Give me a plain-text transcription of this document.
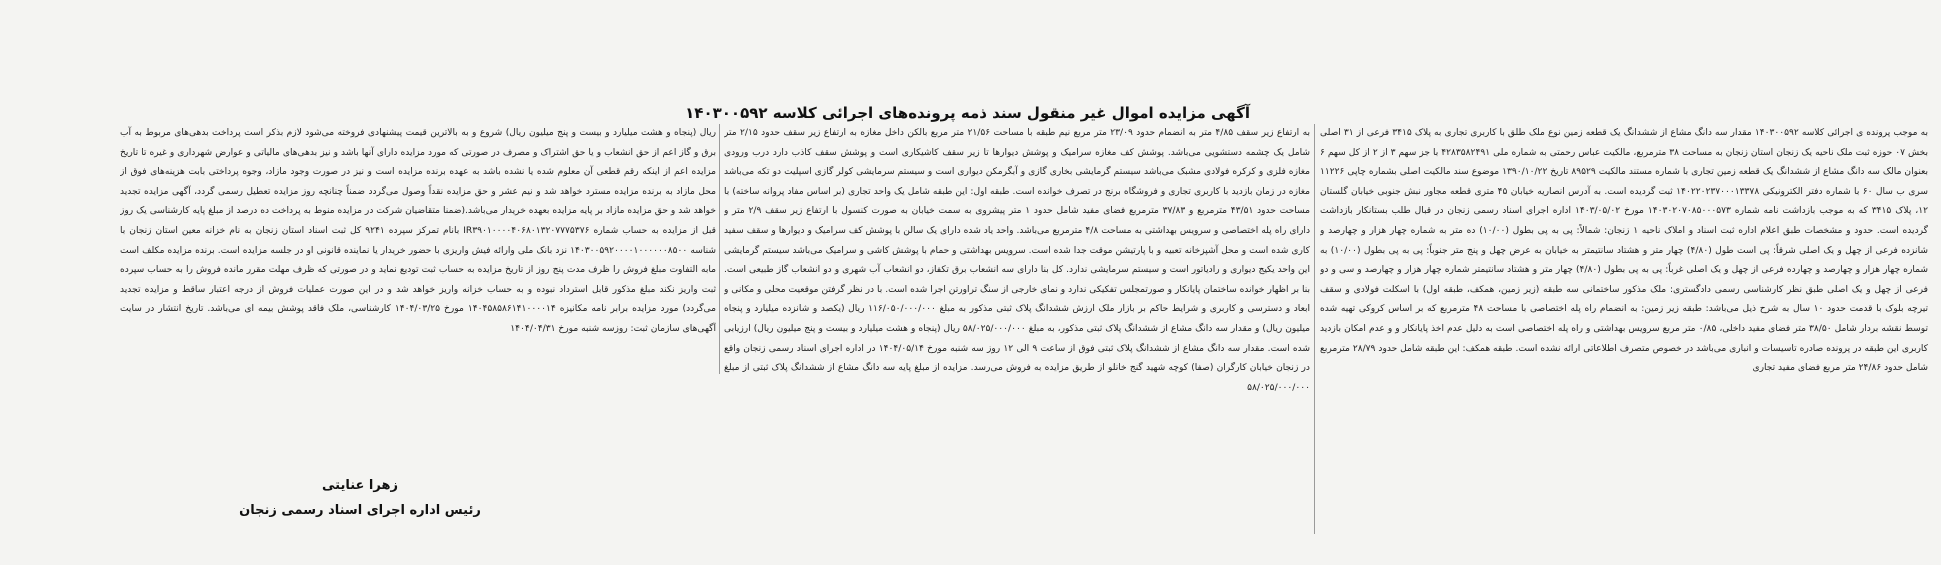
آگهی مزایده اموال غیر منقول سند ذمه پرونده‌های اجرائی کلاسه ۱۴۰۳۰۰۵۹۲
به موجب پرونده ی اجرائی کلاسه ۱۴۰۳۰۰۵۹۲ مقدار سه دانگ مشاع از ششدانگ یک قطعه زمین نوع ملک طلق با کاربری تجاری به پلاک ۳۴۱۵ فرعی از ۳۱ اصلی بخش ۰۷ حوزه ثبت ملک ناحیه یک زنجان استان زنجان به مساحت ۳۸ مترمربع، مالکیت عباس رحمتی به شماره ملی ۴۲۸۳۵۸۲۴۹۱ با جز سهم ۳ از ۲ از کل سهم ۶ بعنوان مالک سه دانگ مشاع از ششدانگ یک قطعه زمین تجاری با شماره مستند مالکیت ۸۹۵۲۹ تاریخ ۱۳۹۰/۱۰/۲۲ موضوع سند مالکیت اصلی بشماره چاپی ۱۱۲۲۶ سری ب سال ۶۰ با شماره دفتر الکترونیکی ۱۴۰۲۲۰۲۳۷۰۰۰۱۳۳۷۸ ثبت گردیده است. به آدرس انصاریه خیابان ۴۵ متری قطعه مجاور نبش جنوبی خیابان گلستان ۱۲، پلاک ۳۴۱۵ که به موجب بازداشت نامه شماره ۱۴۰۳۰۲۰۷۰۸۵۰۰۰۵۷۳ مورخ ۱۴۰۳/۰۵/۰۲ اداره اجرای اسناد رسمی زنجان در قبال طلب بستانکار بازداشت گردیده است. حدود و مشخصات طبق اعلام اداره ثبت اسناد و املاک ناحیه ۱ زنجان: شمالاً: پی به پی بطول (۱۰/۰۰) ده متر به شماره چهار هزار و چهارصد و شانزده فرعی از چهل و یک اصلی شرقاً: پی است طول (۴/۸۰) چهار متر و هشتاد سانتیمتر به خیابان به عرض چهل و پنج متر جنوباً: پی به پی بطول (۱۰/۰۰) به شماره چهار هزار و چهارصد و چهارده فرعی از چهل و یک اصلی غرباً: پی به پی بطول (۴/۸۰) چهار متر و هشتاد سانتیمتر شماره چهار هزار و چهارصد و سی و دو فرعی از چهل و یک اصلی طبق نظر کارشناسی رسمی دادگستری: ملک مذکور ساختمانی سه طبقه (زیر زمین، همکف، طبقه اول) با اسکلت فولادی و سقف تیرچه بلوک با قدمت حدود ۱۰ سال به شرح ذیل می‌باشد: طبقه زیر زمین: به انضمام راه پله اختصاصی با مساحت ۴۸ مترمربع که بر اساس کروکی تهیه شده توسط نقشه بردار شامل ۳۸/۵۰ متر فضای مفید داخلی، ۰/۸۵ متر مربع سرویس بهداشتی و راه پله اختصاصی است به دلیل عدم اخذ پایانکار و و عدم امکان بازدید کاربری این طبقه در پرونده صادره تاسیسات و انباری می‌باشد در خصوص متصرف اطلاعاتی ارائه نشده است. طبقه همکف: این طبقه شامل حدود ۲۸/۷۹ مترمربع شامل حدود ۲۴/۸۶ متر مربع فضای مفید تجاری
به ارتفاع زیر سقف ۴/۸۵ متر به انضمام حدود ۲۳/۰۹ متر مربع نیم طبقه با مساحت ۲۱/۵۶ متر مربع بالکن داخل مغازه به ارتفاع زیر سقف حدود ۲/۱۵ متر شامل یک چشمه دستشویی می‌باشد. پوشش کف مغازه سرامیک و پوشش دیوارها تا زیر سقف کاشیکاری است و پوشش سقف کاذب دارد درب ورودی مغازه فلزی و کرکره فولادی مشبک می‌باشد سیستم گرمایشی بخاری گازی و آبگرمکن دیواری است و سیستم سرمایشی کولر گازی اسپلیت دو تکه می‌باشد مغازه در زمان بازدید با کاربری تجاری و فروشگاه برنج در تصرف خوانده است. طبقه اول: این طبقه شامل یک واحد تجاری (بر اساس مفاد پروانه ساخته) با مساحت حدود ۴۳/۵۱ مترمربع و ۳۷/۸۳ مترمربع فضای مفید شامل حدود ۱ متر پیشروی به سمت خیابان به صورت کنسول با ارتفاع زیر سقف ۲/۹ متر و دارای راه پله اختصاصی و سرویس بهداشتی به مساحت ۴/۸ مترمربع می‌باشد. واحد یاد شده دارای یک سالن با پوشش کف سرامیک و دیوارها و سقف سفید کاری شده است و محل آشپزخانه تعبیه و با پارتیشن موقت جدا شده است. سرویس بهداشتی و حمام با پوشش کاشی و سرامیک می‌باشد سیستم گرمایشی این واحد یکیج دیواری و رادیاتور است و سیستم سرمایشی ندارد. کل بنا دارای سه انشعاب برق تکفاز، دو انشعاب آب شهری و دو انشعاب گاز طبیعی است. بنا بر اظهار خوانده ساختمان پایانکار و صورتمجلس تفکیکی ندارد و نمای خارجی از سنگ تراورتن اجرا شده است. با در نظر گرفتن موقعیت محلی و مکانی و ابعاد و دسترسی و کاربری و شرایط حاکم بر بازار ملک ارزش ششدانگ پلاک ثبتی مذکور به مبلغ ۱۱۶/۰۵۰/۰۰۰/۰۰۰ ریال (یکصد و شانزده میلیارد و پنجاه میلیون ریال) و مقدار سه دانگ مشاع از ششدانگ پلاک ثبتی مذکور، به مبلغ ۵۸/۰۲۵/۰۰۰/۰۰۰ ریال (پنجاه و هشت میلیارد و بیست و پنج میلیون ریال) ارزیابی شده است. مقدار سه دانگ مشاع از ششدانگ پلاک ثبتی فوق از ساعت ۹ الی ۱۲ روز سه شنبه مورخ ۱۴۰۴/۰۵/۱۴ در اداره اجرای اسناد رسمی زنجان واقع در زنجان خیابان کارگران (صفا) کوچه شهید گنج خانلو از طریق مزایده به فروش می‌رسد. مزایده از مبلغ پایه سه دانگ مشاع از ششدانگ پلاک ثبتی از مبلغ ۵۸/۰۲۵/۰۰۰/۰۰۰
ریال (پنجاه و هشت میلیارد و بیست و پنج میلیون ریال) شروع و به بالاترین قیمت پیشنهادی فروخته می‌شود لازم بذکر است پرداخت بدهی‌های مربوط به آب برق و گاز اعم از حق انشعاب و یا حق اشتراک و مصرف در صورتی که مورد مزایده دارای آنها باشد و نیز بدهی‌های مالیاتی و عوارض شهرداری و غیره تا تاریخ مزایده اعم از اینکه رقم قطعی آن معلوم شده یا نشده باشد به عهده برنده مزایده است و نیز در صورت وجود مازاد، وجوه پرداختی بابت هزینه‌های فوق از محل مازاد به برنده مزایده مسترد خواهد شد و نیم عشر و حق مزایده نقداً وصول می‌گردد ضمناً چنانچه روز مزایده تعطیل رسمی گردد، آگهی مزایده تجدید خواهد شد و حق مزایده مازاد بر پایه مزایده بعهده خریدار می‌باشد.(ضمنا متقاضیان شرکت در مزایده منوط به پرداخت ده درصد از مبلغ پایه کارشناسی یک روز قبل از مزایده به حساب شماره IR۳۹۰۱۰۰۰۰۴۰۶۸۰۱۳۲۰۷۷۷۵۳۷۶ بانام تمرکز سپرده ۹۲۴۱ کل ثبت اسناد استان زنجان به نام خزانه معین استان زنجان با شناسه ۱۴۰۳۰۰۵۹۲۰۰۰۰۱۰۰۰۰۰۰۸۵۰۰ نزد بانک ملی وارائه فیش واریزی با حضور خریدار یا نماینده قانونی او در جلسه مزایده است. برنده مزایده مکلف است مابه التفاوت مبلغ فروش را ظرف مدت پنج روز از تاریخ مزایده به حساب ثبت تودیع نماید و در صورتی که ظرف مهلت مقرر مانده فروش را به حساب سپرده ثبت واریز نکند مبلغ مذکور قابل استرداد نبوده و به حساب خزانه واریز خواهد شد و در این صورت عملیات فروش از درجه اعتبار ساقط و مزایده تجدید می‌گردد) مورد مزایده برابر نامه مکانیزه ۱۴۰۴۵۸۵۸۶۱۴۱۰۰۰۰۱۴ مورخ ۱۴۰۴/۰۳/۲۵ کارشناسی، ملک فاقد پوشش بیمه ای می‌باشد. تاریخ انتشار در سایت آگهی‌های سازمان ثبت: روزسه شنبه مورخ ۱۴۰۴/۰۴/۳۱
زهرا عنایتی
رئیس اداره اجرای اسناد رسمی زنجان
